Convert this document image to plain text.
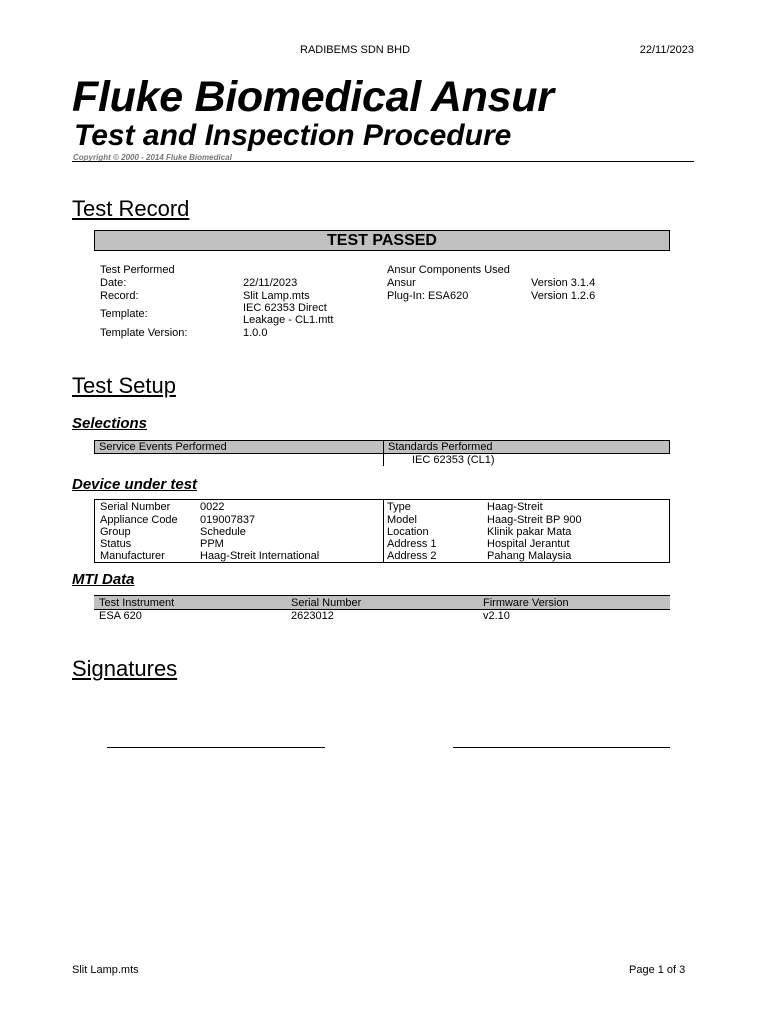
RADIBEMS SDN BHD	22/11/2023
Fluke Biomedical Ansur
Test and Inspection Procedure
Copyright © 2000 - 2014 Fluke Biomedical
Test Record
TEST PASSED
Test Performed
Date:	22/11/2023
Record:	Slit Lamp.mts
Template:	IEC 62353 Direct Leakage - CL1.mtt
Template Version:	1.0.0
Ansur Components Used
Ansur	Version 3.1.4
Plug-In: ESA620	Version 1.2.6
Test Setup
Selections
Service Events Performed	Standards Performed
	IEC 62353 (CL1)
Device under test
Serial Number	0022
Appliance Code 019007837
Group	Schedule
Status	PPM
Manufacturer	Haag-Streit International
Type	Haag-Streit
Model	Haag-Streit BP 900
Location	Klinik pakar Mata
Address 1	Hospital Jerantut
Address 2	Pahang Malaysia
MTI Data
Test Instrument	Serial Number	Firmware Version
ESA 620	2623012	v2.10
Signatures
Slit Lamp.mts	Page 1 of 3
